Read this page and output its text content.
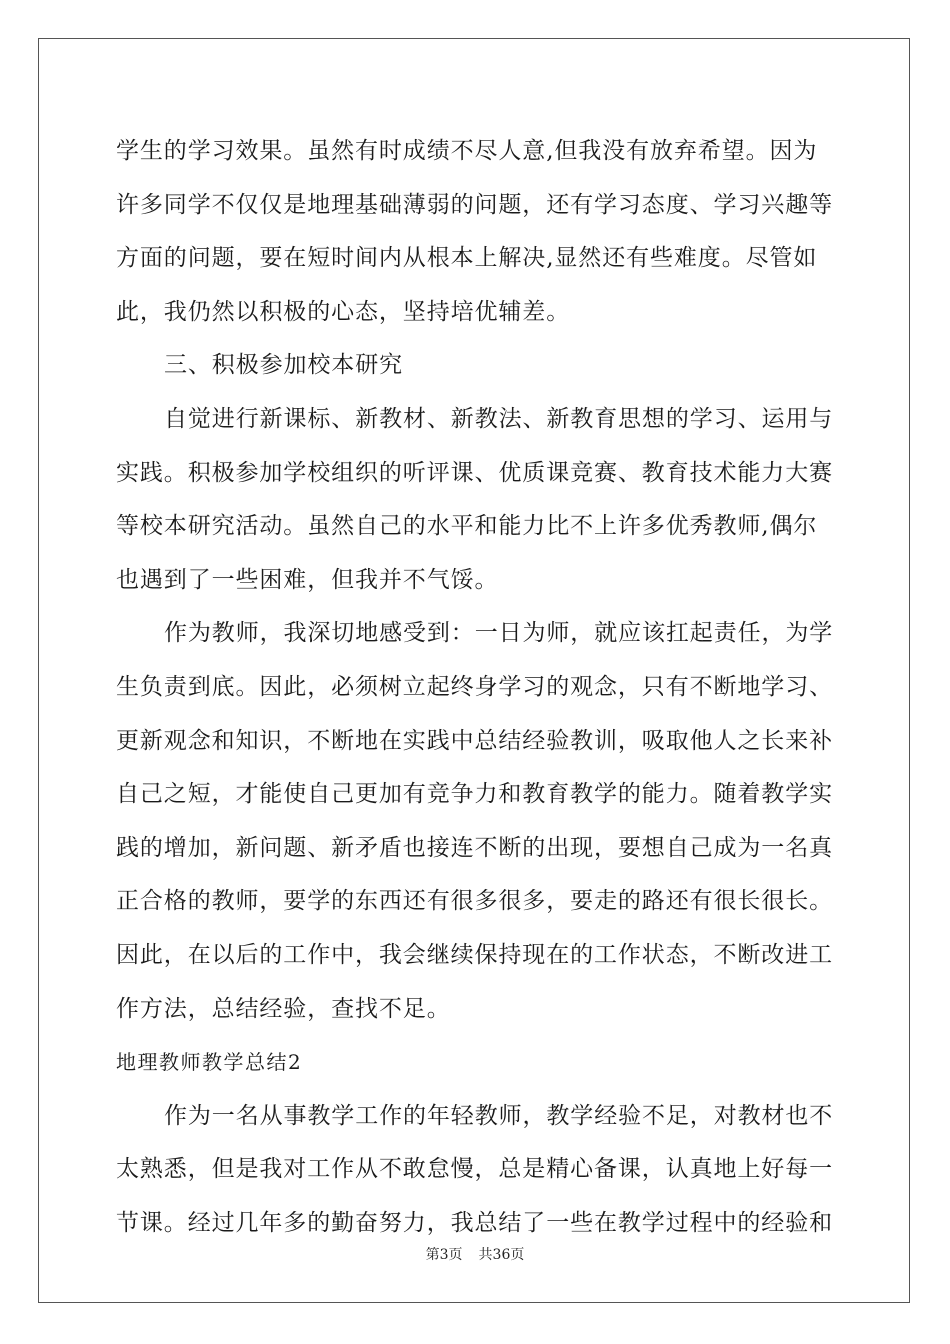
学生的学习效果。虽然有时成绩不尽人意,但我没有放弃希望。因为
许多同学不仅仅是地理基础薄弱的问题，还有学习态度、学习兴趣等
方面的问题，要在短时间内从根本上解决,显然还有些难度。尽管如
此，我仍然以积极的心态，坚持培优辅差。
三、积极参加校本研究
自觉进行新课标、新教材、新教法、新教育思想的学习、运用与
实践。积极参加学校组织的听评课、优质课竞赛、教育技术能力大赛
等校本研究活动。虽然自己的水平和能力比不上许多优秀教师,偶尔
也遇到了一些困难，但我并不气馁。
作为教师，我深切地感受到：一日为师，就应该扛起责任，为学
生负责到底。因此，必须树立起终身学习的观念，只有不断地学习、
更新观念和知识，不断地在实践中总结经验教训，吸取他人之长来补
自己之短，才能使自己更加有竞争力和教育教学的能力。随着教学实
践的增加，新问题、新矛盾也接连不断的出现，要想自己成为一名真
正合格的教师，要学的东西还有很多很多，要走的路还有很长很长。
因此，在以后的工作中，我会继续保持现在的工作状态，不断改进工
作方法，总结经验，查找不足。
地理教师教学总结2
作为一名从事教学工作的年轻教师，教学经验不足，对教材也不
太熟悉，但是我对工作从不敢怠慢，总是精心备课，认真地上好每一
节课。经过几年多的勤奋努力，我总结了一些在教学过程中的经验和
第3页 共36页
